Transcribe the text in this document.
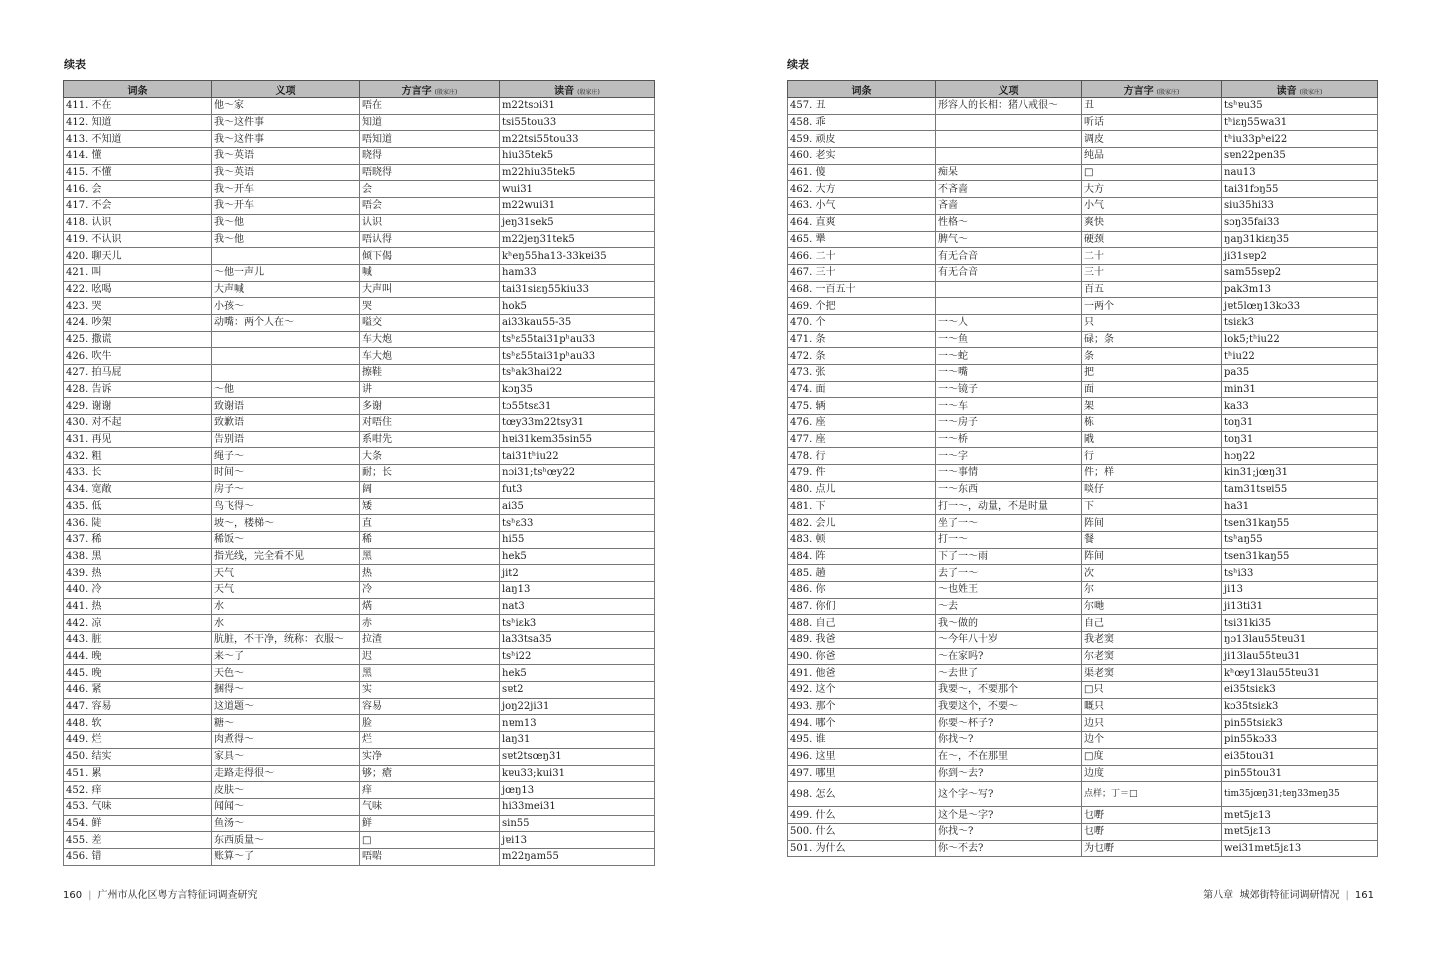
续表
词条	义项	方言字 (殷家庄)	读音 (殷家庄)
411. 不在	他～家	唔在	m22tsɔi31
412. 知道	我～这件事	知道	tsi55tou33
413. 不知道	我～这件事	唔知道	m22tsi55tou33
414. 懂	我～英语	晓得	hiu35tek5
415. 不懂	我～英语	唔晓得	m22hiu35tek5
416. 会	我～开车	会	wui31
417. 不会	我～开车	唔会	m22wui31
418. 认识	我～他	认识	jeŋ31sek5
419. 不认识	我～他	唔认得	m22jeŋ31tek5
420. 聊天儿		倾下偈	kʰeŋ55ha13-33kɐi35
421. 叫	～他一声儿	喊	ham33
422. 吆喝	大声喊	大声叫	tai31siɛŋ55kiu33
423. 哭	小孩～	哭	hok5
424. 吵架	动嘴：两个人在～	嗌交	ai33kau55-35
425. 撒谎		车大炮	tsʰɛ55tai31pʰau33
426. 吹牛		车大炮	tsʰɛ55tai31pʰau33
427. 拍马屁		擦鞋	tsʰak3hai22
428. 告诉	～他	讲	kɔŋ35
429. 谢谢	致谢语	多谢	tɔ55tsɛ31
430. 对不起	致歉语	对唔住	tœy33m22tsy31
431. 再见	告别语	系咁先	hɐi31kem35sin55
432. 粗	绳子～	大条	tai31tʰiu22
433. 长	时间～	耐；长	nɔi31;tsʰœy22
434. 宽敞	房子～	阔	fut3
435. 低	鸟飞得～	矮	ai35
436. 陡	坡～，楼梯～	直	tsʰɛ33
437. 稀	稀饭～	稀	hi55
438. 黑	指光线，完全看不见	黑	hek5
439. 热	天气	热	jit2
440. 冷	天气	冷	laŋ13
441. 热	水	焫	nat3
442. 凉	水	赤	tsʰiɛk3
443. 脏	肮脏，不干净，统称：衣服～	拉渣	la33tsa35
444. 晚	来～了	迟	tsʰi22
445. 晚	天色～	黑	hek5
446. 紧	捆得～	实	sɐt2
447. 容易	这道题～	容易	joŋ22ji31
448. 软	糖～	脸	nɐm13
449. 烂	肉煮得～	烂	laŋ31
450. 结实	家具～	实净	sɐt2tsœŋ31
451. 累	走路走得很～	够；瘡	kɐu33;kui31
452. 痒	皮肤～	痒	jœŋ13
453. 气味	闻闻～	气味	hi33mei31
454. 鲜	鱼汤～	鲜	sin55
455. 差	东西质量～	□	jɐi13
456. 错	账算～了	唔啱	m22ŋam55
160 | 广州市从化区粤方言特征词调查研究
续表
词条	义项	方言字 (殷家庄)	读音 (殷家庄)
457. 丑	形容人的长相：猪八戒很～	丑	tsʰɐu35
458. 乖		听话	tʰiɛŋ55wa31
459. 顽皮		调皮	tʰiu33pʰei22
460. 老实		纯品	sɐn22pen35
461. 傻	痴呆	□	nau13
462. 大方	不吝啬	大方	tai31fɔŋ55
463. 小气	吝啬	小气	siu35hi33
464. 直爽	性格～	爽快	sɔŋ35fai33
465. 犟	脾气～	硬颈	ŋaŋ31kiɛŋ35
466. 二十	有无合音	二十	ji31sɐp2
467. 三十	有无合音	三十	sam55sɐp2
468. 一百五十		百五	pak3m13
469. 个把		一两个	jɐt5lœŋ13kɔ33
470. 个	一～人	只	tsiɛk3
471. 条	一～鱼	碌；条	lok5;tʰiu22
472. 条	一～蛇	条	tʰiu22
473. 张	一～嘴	把	pa35
474. 面	一～镜子	面	min31
475. 辆	一～车	架	ka33
476. 座	一～房子	栋	toŋ31
477. 座	一～桥	戙	toŋ31
478. 行	一～字	行	hɔŋ22
479. 件	一～事情	件；样	kin31;jœŋ31
480. 点儿	一～东西	啖仔	tam31tsɐi55
481. 下	打一～，动量，不是时量	下	ha31
482. 会儿	坐了一～	阵间	tsen31kaŋ55
483. 顿	打一～	餐	tsʰaŋ55
484. 阵	下了一～雨	阵间	tsen31kaŋ55
485. 趟	去了一～	次	tsʰi33
486. 你	～也姓王	尔	ji13
487. 你们	～去	尔哋	ji13ti31
488. 自己	我～做的	自己	tsi31ki35
489. 我爸	～今年八十岁	我老窦	ŋɔ13lau55tɐu31
490. 你爸	～在家吗?	尔老窦	ji13lau55tɐu31
491. 他爸	～去世了	渠老窦	kʰœy13lau55tɐu31
492. 这个	我要～，不要那个	□只	ei35tsiɛk3
493. 那个	我要这个，不要～	嘅只	kɔ35tsiɛk3
494. 哪个	你要～杯子?	边只	pin55tsiɛk3
495. 谁	你找～?	边个	pin55kɔ33
496. 这里	在～，不在那里	□度	ei35tou31
497. 哪里	你到～去?	边度	pin55tou31
498. 怎么	这个字～写?	点样；丁＝□	tim35jœŋ31;teŋ33meŋ35

499. 什么	这个是～字?	乜嘢	mɐt5jɛ13
500. 什么	你找～?	乜嘢	mɐt5jɛ13
501. 为什么	你～不去?	为乜嘢	wei31mɐt5jɛ13
第八章 城郊街特征词调研情况 | 161
